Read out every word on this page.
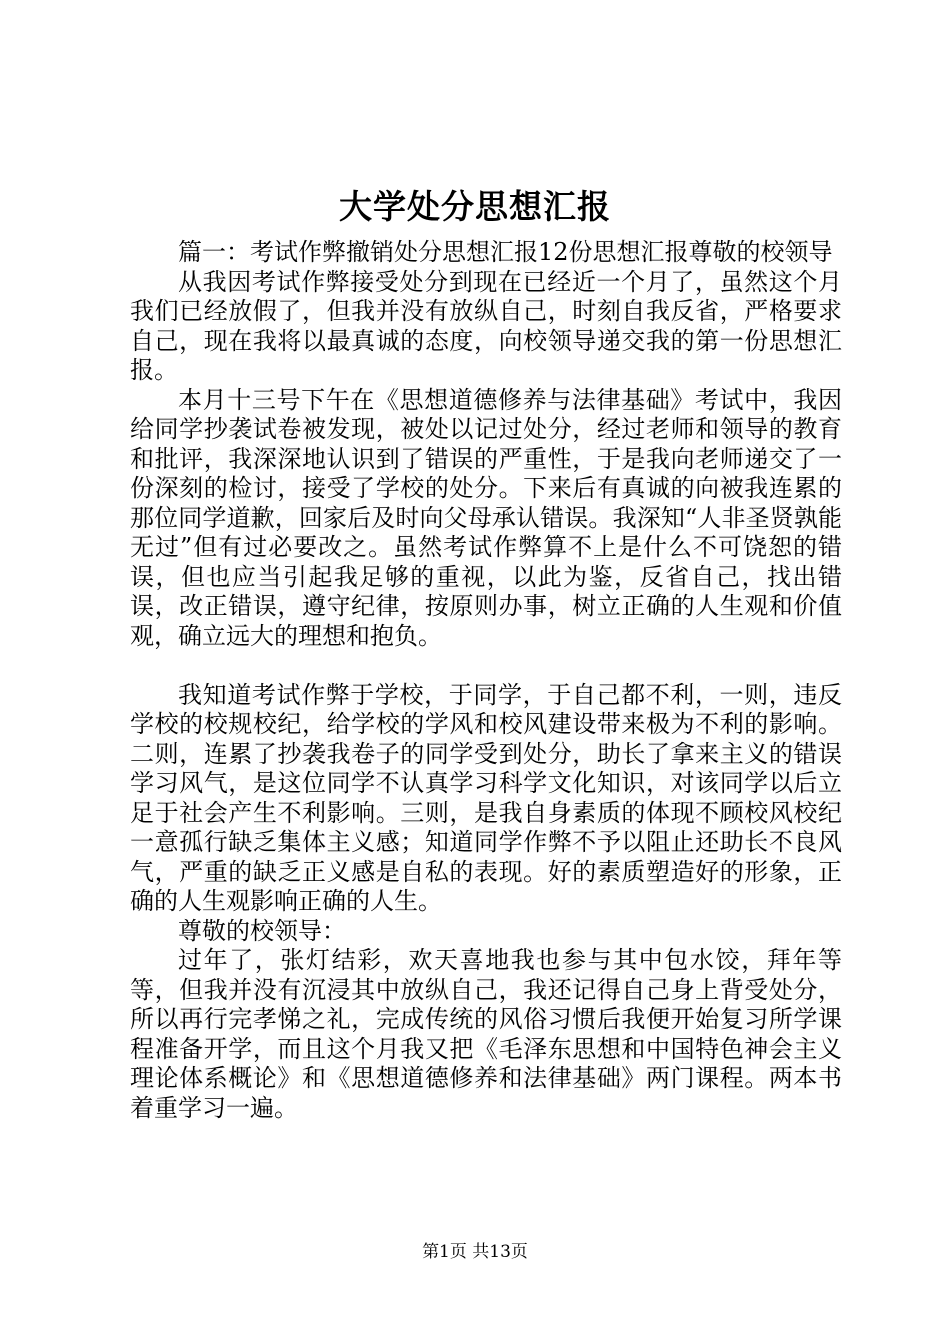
大学处分思想汇报

篇一：考试作弊撤销处分思想汇报12份思想汇报尊敬的校领导

从我因考试作弊接受处分到现在已经近一个月了，虽然这个月我们已经放假了，但我并没有放纵自己，时刻自我反省，严格要求自己，现在我将以最真诚的态度，向校领导递交我的第一份思想汇报。

本月十三号下午在《思想道德修养与法律基础》考试中，我因给同学抄袭试卷被发现，被处以记过处分，经过老师和领导的教育和批评，我深深地认识到了错误的严重性，于是我向老师递交了一份深刻的检讨，接受了学校的处分。下来后有真诚的向被我连累的那位同学道歉，回家后及时向父母承认错误。我深知“人非圣贤孰能无过”但有过必要改之。虽然考试作弊算不上是什么不可饶恕的错误，但也应当引起我足够的重视，以此为鉴，反省自己，找出错误，改正错误，遵守纪律，按原则办事，树立正确的人生观和价值观，确立远大的理想和抱负。

我知道考试作弊于学校，于同学，于自己都不利，一则，违反学校的校规校纪，给学校的学风和校风建设带来极为不利的影响。二则，连累了抄袭我卷子的同学受到处分，助长了拿来主义的错误学习风气，是这位同学不认真学习科学文化知识，对该同学以后立足于社会产生不利影响。三则，是我自身素质的体现不顾校风校纪一意孤行缺乏集体主义感；知道同学作弊不予以阻止还助长不良风气，严重的缺乏正义感是自私的表现。好的素质塑造好的形象，正确的人生观影响正确的人生。

尊敬的校领导：

过年了，张灯结彩，欢天喜地我也参与其中包水饺，拜年等等，但我并没有沉浸其中放纵自己，我还记得自己身上背受处分，所以再行完孝悌之礼，完成传统的风俗习惯后我便开始复习所学课程准备开学，而且这个月我又把《毛泽东思想和中国特色神会主义理论体系概论》和《思想道德修养和法律基础》两门课程。两本书着重学习一遍。

第1页 共13页
